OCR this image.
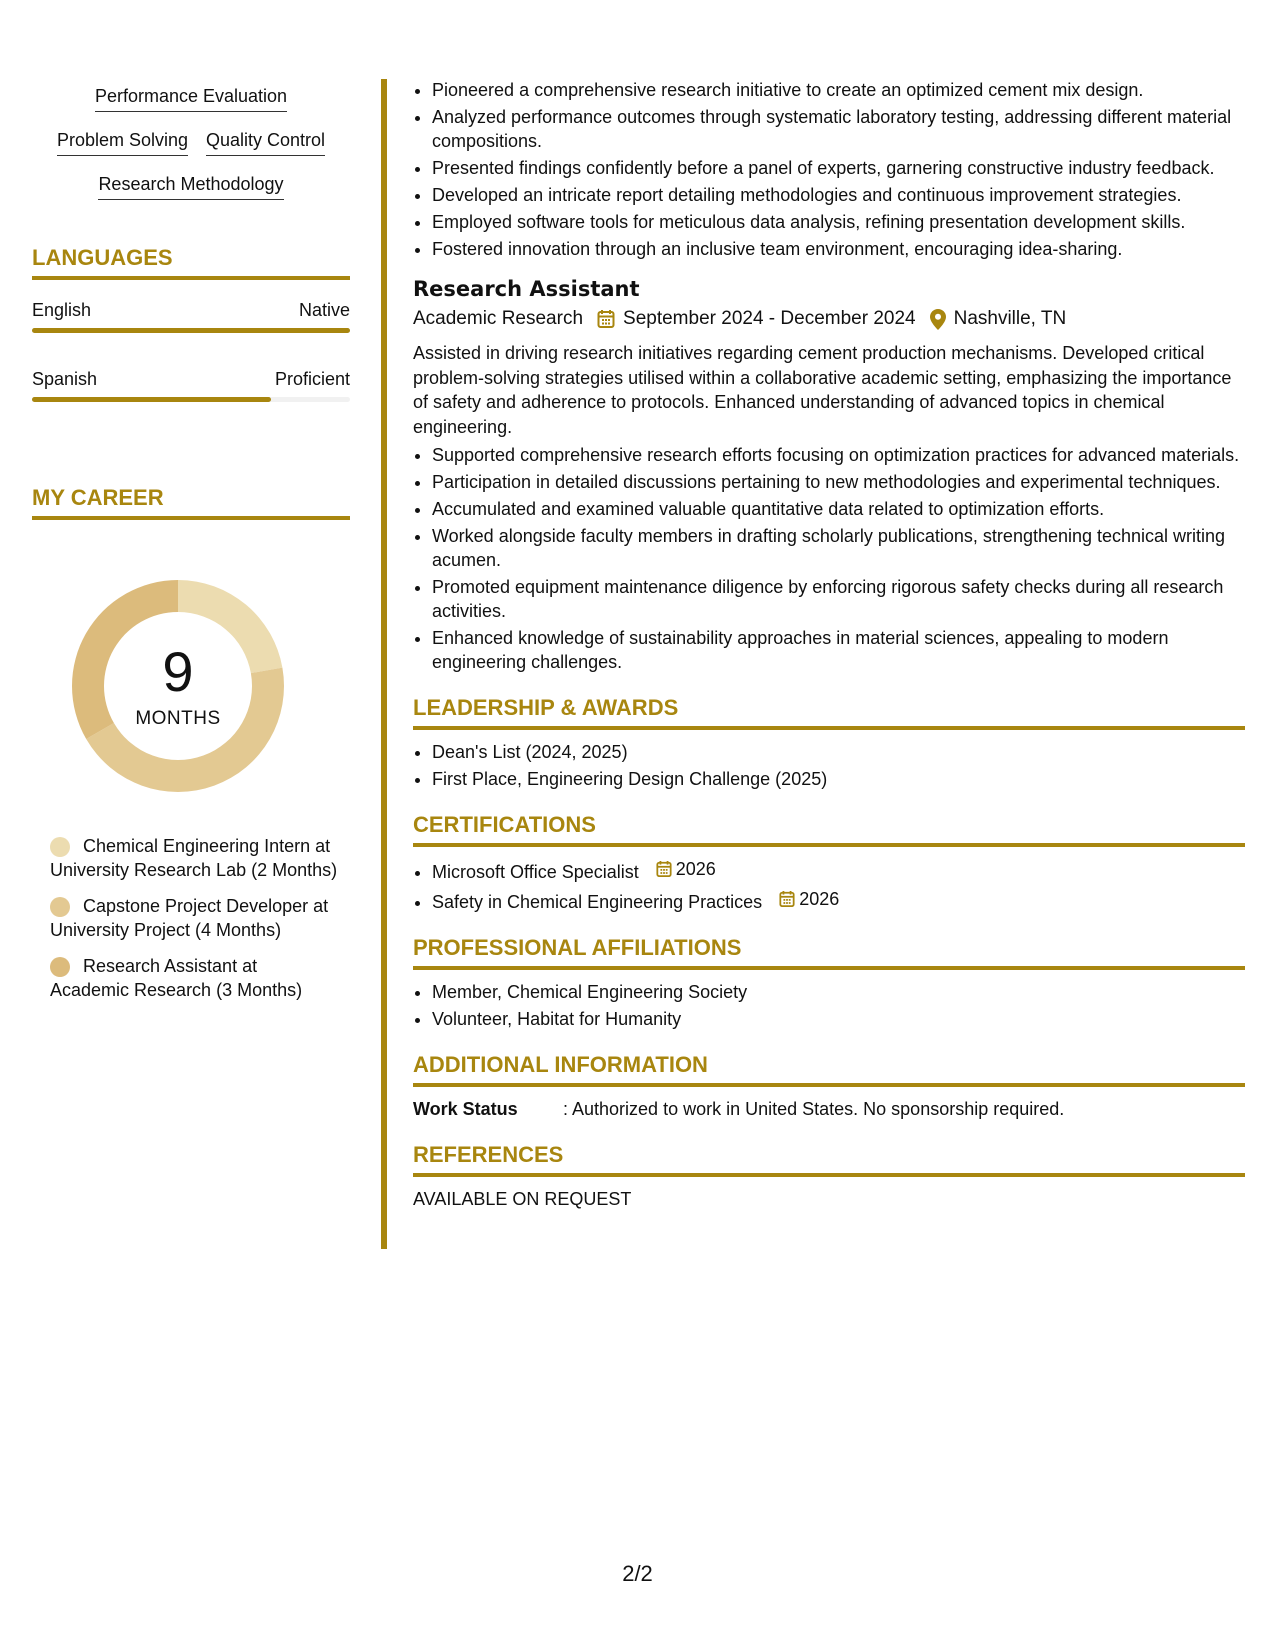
Performance Evaluation
Problem Solving Quality Control
Research Methodology
LANGUAGES
English	Native
Spanish	Proficient
MY CAREER
9
MONTHS
Chemical Engineering Intern at University Research Lab (2 Months)
Capstone Project Developer at University Project (4 Months)
Research Assistant at Academic Research (3 Months)
• Pioneered a comprehensive research initiative to create an optimized cement mix design.
• Analyzed performance outcomes through systematic laboratory testing, addressing different material compositions.
• Presented findings confidently before a panel of experts, garnering constructive industry feedback.
• Developed an intricate report detailing methodologies and continuous improvement strategies.
• Employed software tools for meticulous data analysis, refining presentation development skills.
• Fostered innovation through an inclusive team environment, encouraging idea-sharing.
Research Assistant
Academic Research September 2024 - December 2024 Nashville, TN
Assisted in driving research initiatives regarding cement production mechanisms. Developed critical problem-solving strategies utilised within a collaborative academic setting, emphasizing the importance of safety and adherence to protocols. Enhanced understanding of advanced topics in chemical engineering.
• Supported comprehensive research efforts focusing on optimization practices for advanced materials.
• Participation in detailed discussions pertaining to new methodologies and experimental techniques.
• Accumulated and examined valuable quantitative data related to optimization efforts.
• Worked alongside faculty members in drafting scholarly publications, strengthening technical writing acumen.
• Promoted equipment maintenance diligence by enforcing rigorous safety checks during all research activities.
• Enhanced knowledge of sustainability approaches in material sciences, appealing to modern engineering challenges.
LEADERSHIP & AWARDS
• Dean's List (2024, 2025)
• First Place, Engineering Design Challenge (2025)
CERTIFICATIONS
• Microsoft Office Specialist 2026
• Safety in Chemical Engineering Practices 2026
PROFESSIONAL AFFILIATIONS
• Member, Chemical Engineering Society
• Volunteer, Habitat for Humanity
ADDITIONAL INFORMATION
Work Status	: Authorized to work in United States. No sponsorship required.
REFERENCES
AVAILABLE ON REQUEST
2/2
